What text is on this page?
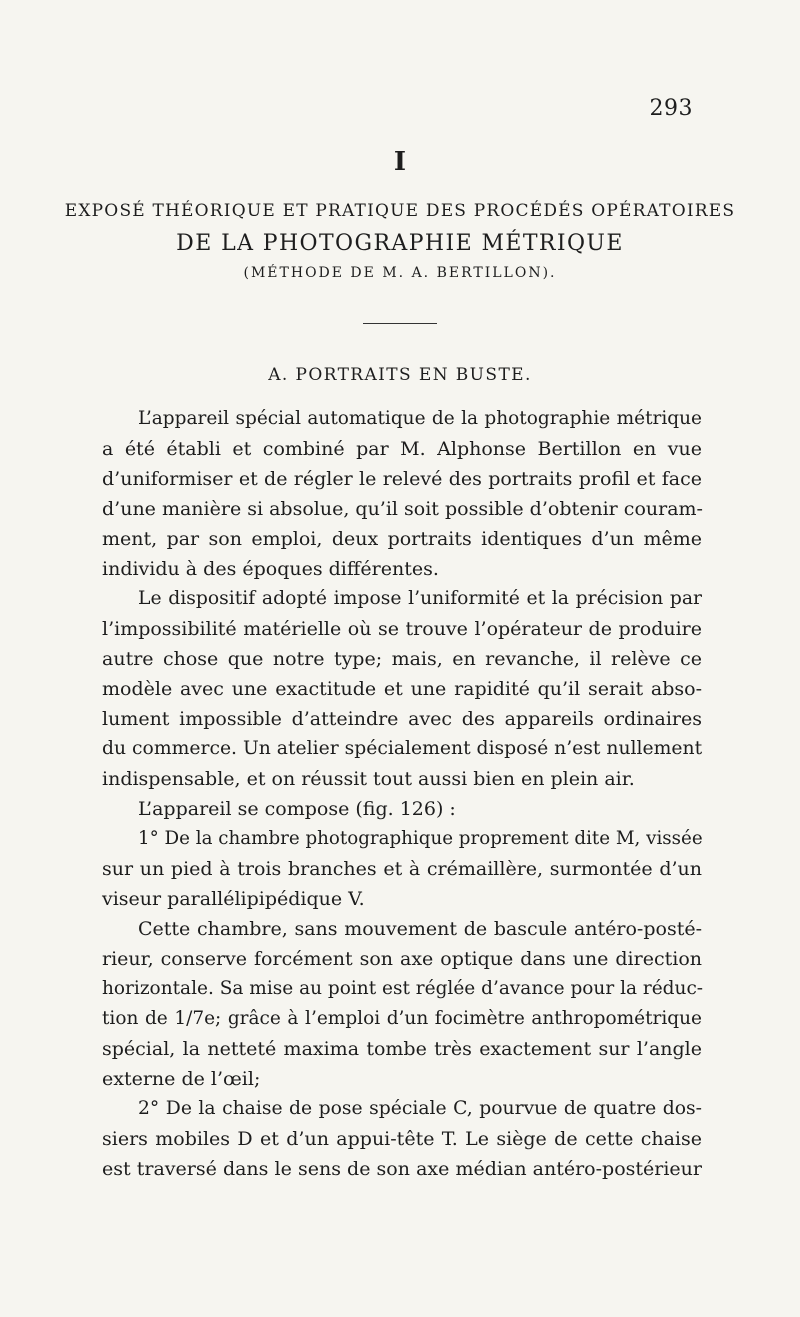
293
I
EXPOSÉ THÉORIQUE ET PRATIQUE DES PROCÉDÉS OPÉRATOIRES
DE LA PHOTOGRAPHIE MÉTRIQUE
(MÉTHODE DE M. A. BERTILLON).
A. PORTRAITS EN BUSTE.
L’appareil spécial automatique de la photographie métrique
a été établi et combiné par M. Alphonse Bertillon en vue
d’uniformiser et de régler le relevé des portraits profil et face
d’une manière si absolue, qu’il soit possible d’obtenir couram-
ment, par son emploi, deux portraits identiques d’un même
individu à des époques différentes.
Le dispositif adopté impose l’uniformité et la précision par
l’impossibilité matérielle où se trouve l’opérateur de produire
autre chose que notre type; mais, en revanche, il relève ce
modèle avec une exactitude et une rapidité qu’il serait abso-
lument impossible d’atteindre avec des appareils ordinaires
du commerce. Un atelier spécialement disposé n’est nullement
indispensable, et on réussit tout aussi bien en plein air.
L’appareil se compose (fig. 126) :
1° De la chambre photographique proprement dite M, vissée
sur un pied à trois branches et à crémaillère, surmontée d’un
viseur parallélipipédique V.
Cette chambre, sans mouvement de bascule antéro-posté-
rieur, conserve forcément son axe optique dans une direction
horizontale. Sa mise au point est réglée d’avance pour la réduc-
tion de 1/7e; grâce à l’emploi d’un focimètre anthropométrique
spécial, la netteté maxima tombe très exactement sur l’angle
externe de l’œil;
2° De la chaise de pose spéciale C, pourvue de quatre dos-
siers mobiles D et d’un appui-tête T. Le siège de cette chaise
est traversé dans le sens de son axe médian antéro-postérieur
